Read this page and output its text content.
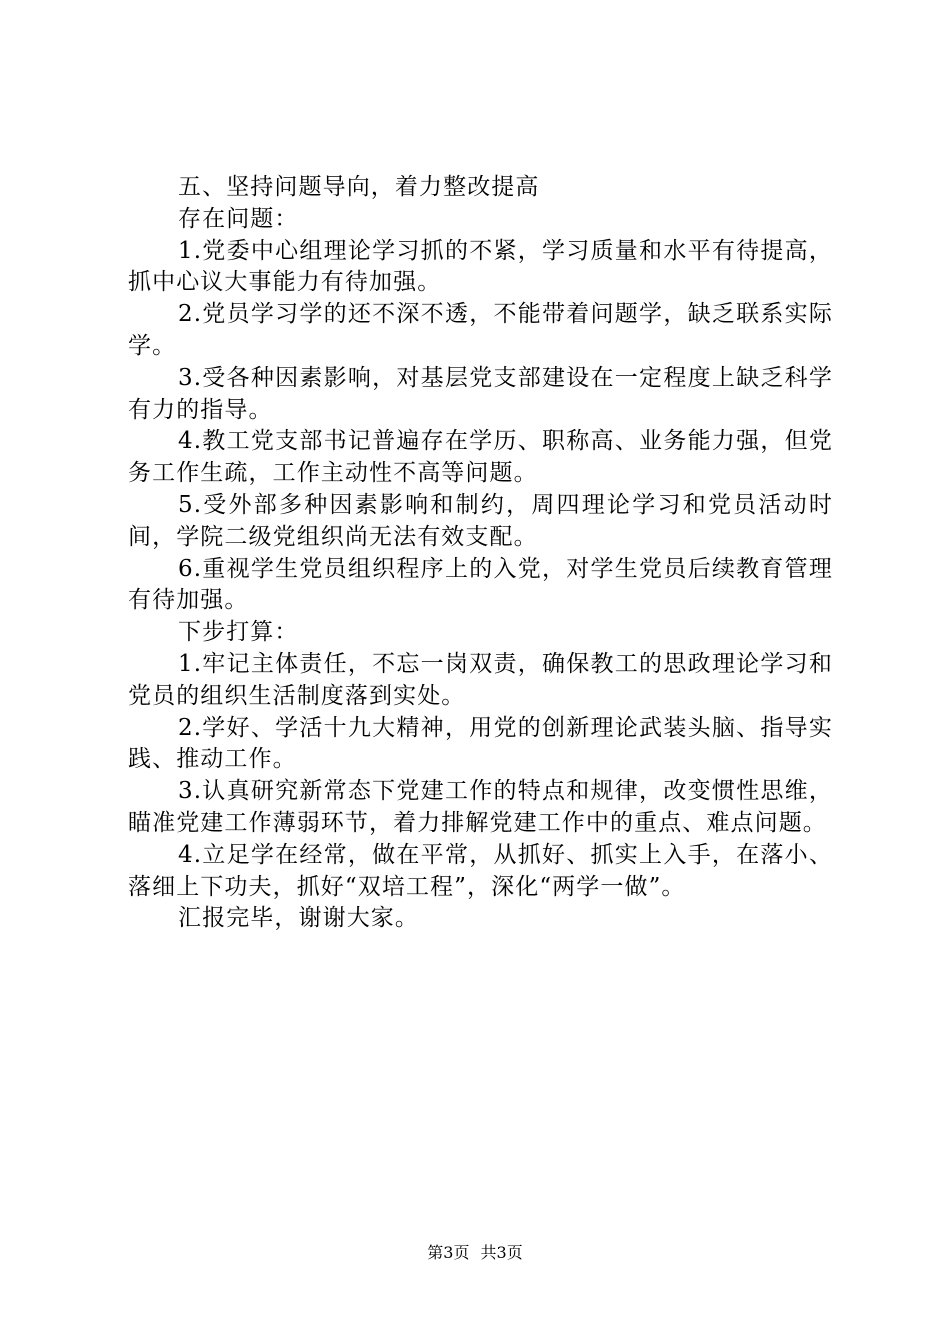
五、坚持问题导向，着力整改提高

存在问题：

1.党委中心组理论学习抓的不紧，学习质量和水平有待提高，抓中心议大事能力有待加强。

2.党员学习学的还不深不透，不能带着问题学，缺乏联系实际学。

3.受各种因素影响，对基层党支部建设在一定程度上缺乏科学有力的指导。

4.教工党支部书记普遍存在学历、职称高、业务能力强，但党务工作生疏，工作主动性不高等问题。

5.受外部多种因素影响和制约，周四理论学习和党员活动时间，学院二级党组织尚无法有效支配。

6.重视学生党员组织程序上的入党，对学生党员后续教育管理有待加强。

下步打算：

1.牢记主体责任，不忘一岗双责，确保教工的思政理论学习和党员的组织生活制度落到实处。

2.学好、学活十九大精神，用党的创新理论武装头脑、指导实践、推动工作。

3.认真研究新常态下党建工作的特点和规律，改变惯性思维，瞄准党建工作薄弱环节，着力排解党建工作中的重点、难点问题。

4.立足学在经常，做在平常，从抓好、抓实上入手，在落小、落细上下功夫，抓好“双培工程”，深化“两学一做”。

汇报完毕，谢谢大家。

第3页 共3页
